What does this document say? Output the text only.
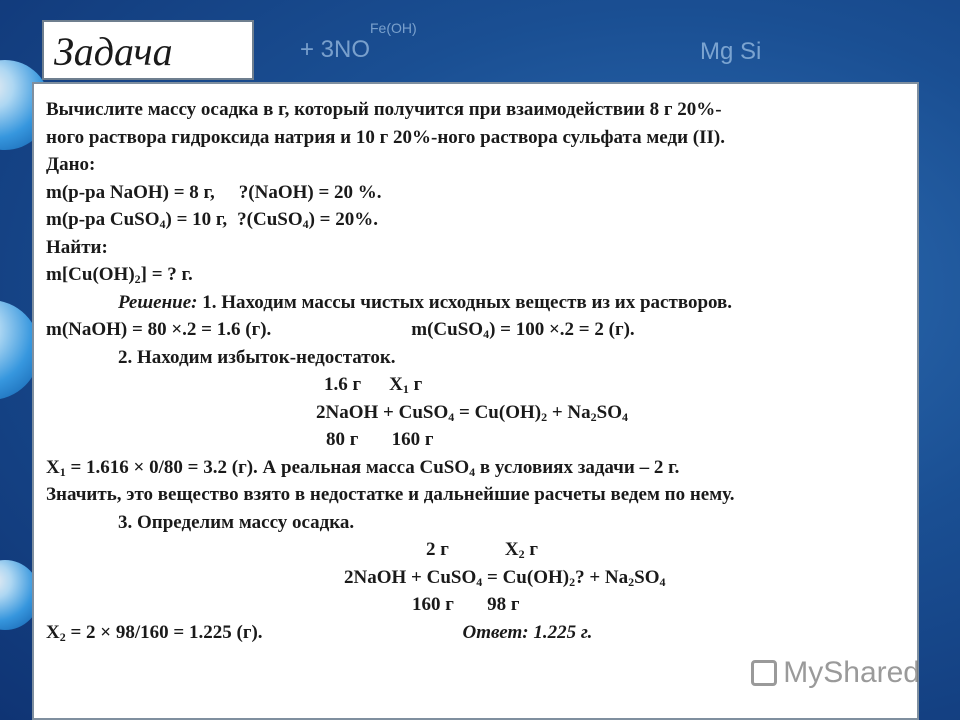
+ 3NO
Fe(OH)
Mg Si
Задача
Вычислите массу осадка в г, который получится при взаимодействии 8 г 20%-
ного раствора гидроксида натрия и 10 г 20%-ного раствора сульфата меди (II).
Дано:
m(р-ра NaOH) = 8 г, ?(NaOH) = 20 %.
m(р-ра CuSO$_4$) = 10 г, ?(CuSO$_4$) = 20%.
Найти:
$m[Cu(OH)_2]$ = ? г.
Решение: 1. Находим массы чистых исходных веществ из их растворов.
m(NaOH) = 80 ×.2 = 1.6 (г).	m(CuSO$_4$) = 100 ×.2 = 2 (г).
2. Находим избыток-недостаток.
1.6 г $X_1$ г
2NaOH + CuSO$_4$ = $Cu(OH)_2 + Na_2SO_4$
80 г       160 г
$X_1 = 1.616 \times 0/80 = 3.2$ (г). А реальная масса CuSO$_4$ в условиях задачи – 2 г.
Значить, это вещество взято в недостатке и дальнейшие расчеты ведем по нему.
3. Определим массу осадка.
2 г	$X_2$ г
2NaOH + CuSO$_4$ = $Cu(OH)_2$? + $Na_2SO_4$
160 г       98 г
$X_2 = 2 \times 98/160 = 1.225$ (г).	Ответ: 1.225 г.
MyShared
